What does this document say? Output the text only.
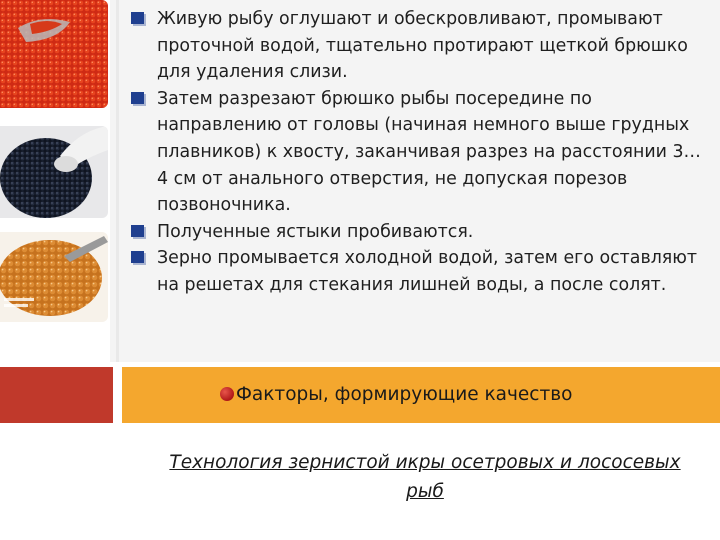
Живую рыбу оглушают и обескровливают, промывают проточной водой, тщательно протирают щеткой брюшко для удаления слизи.
Затем разрезают брюшко рыбы посередине по направлению от головы (начиная немного выше грудных плавников) к хвосту, заканчивая разрез на расстоянии 3…4 см от анального отверстия, не допуская порезов позвоночника.
Полученные ястыки пробиваются.
Зерно промывается холодной водой, затем его оставляют на решетах для стекания лишней воды, а после солят.
Факторы, формирующие качество
Технология зернистой икры осетровых и лососевых рыб
